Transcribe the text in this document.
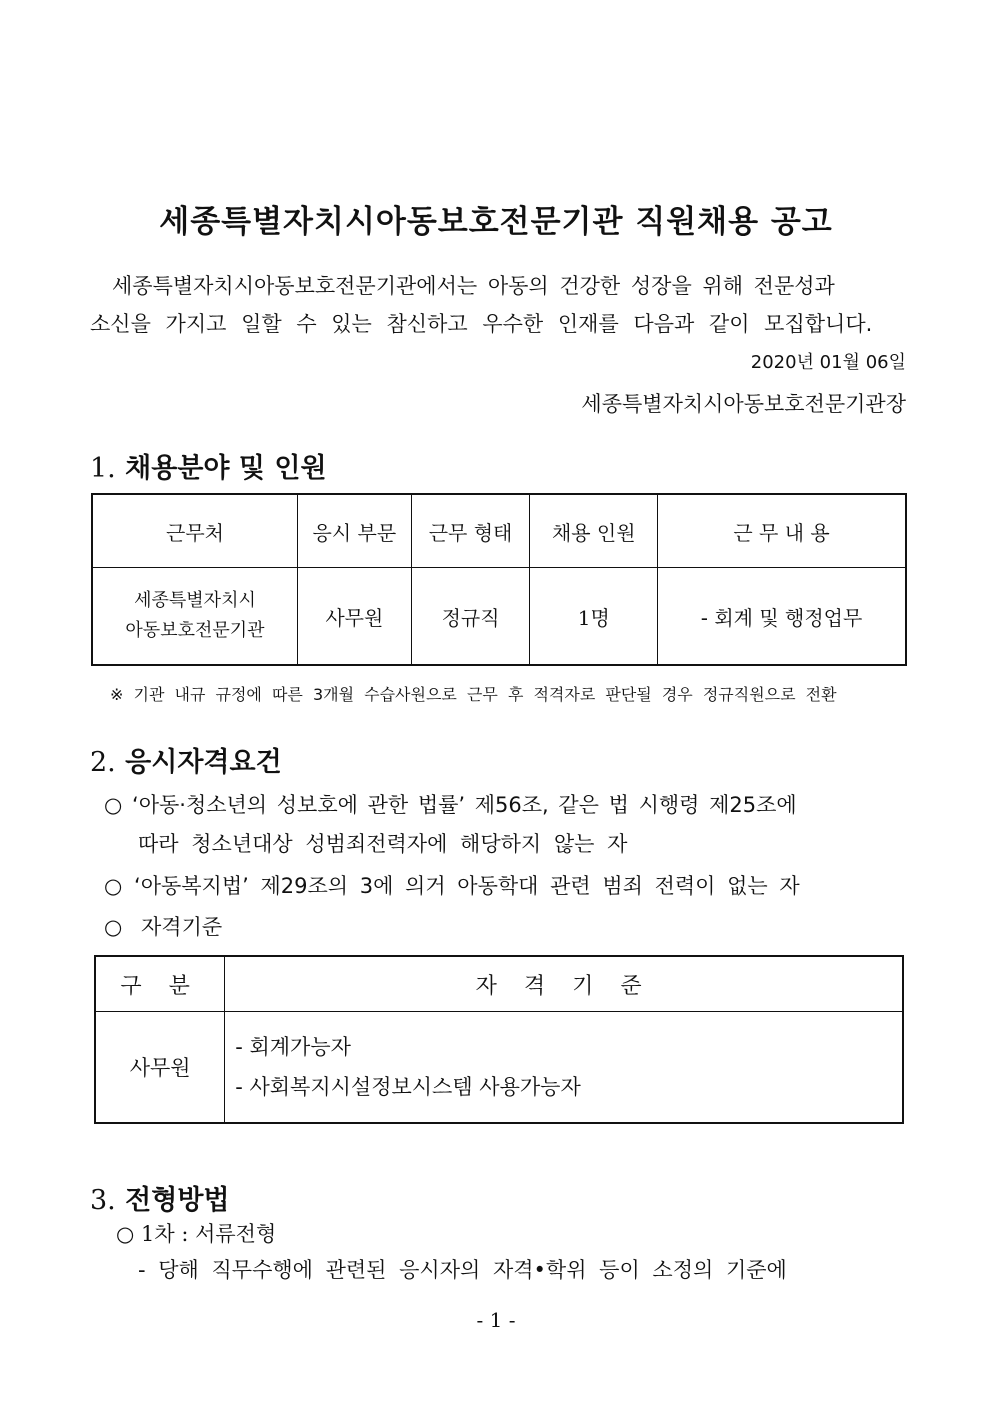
세종특별자치시아동보호전문기관 직원채용 공고
세종특별자치시아동보호전문기관에서는 아동의 건강한 성장을 위해 전문성과
소신을 가지고 일할 수 있는 참신하고 우수한 인재를 다음과 같이 모집합니다.
2020년 01월 06일
세종특별자치시아동보호전문기관장
1. 채용분야 및 인원
근무처	응시 부문	근무 형태	채용 인원	근 무 내 용

세종특별자치시
아동보호전문기관	사무원	정규직	1명	- 회계 및 행정업무
※ 기관 내규 규정에 따른 3개월 수습사원으로 근무 후 적격자로 판단될 경우 정규직원으로 전환
2. 응시자격요건
○ ‘아동·청소년의 성보호에 관한 법률’ 제56조, 같은 법 시행령 제25조에
따라 청소년대상 성범죄전력자에 해당하지 않는 자
○ ‘아동복지법’ 제29조의 3에 의거 아동학대 관련 범죄 전력이 없는 자
○ 자격기준
구 분	자 격 기 준
사무원	- 회계가능자
- 사회복지시설정보시스템 사용가능자
3. 전형방법
○ 1차 : 서류전형
- 당해 직무수행에 관련된 응시자의 자격•학위 등이 소정의 기준에
- 1 -
